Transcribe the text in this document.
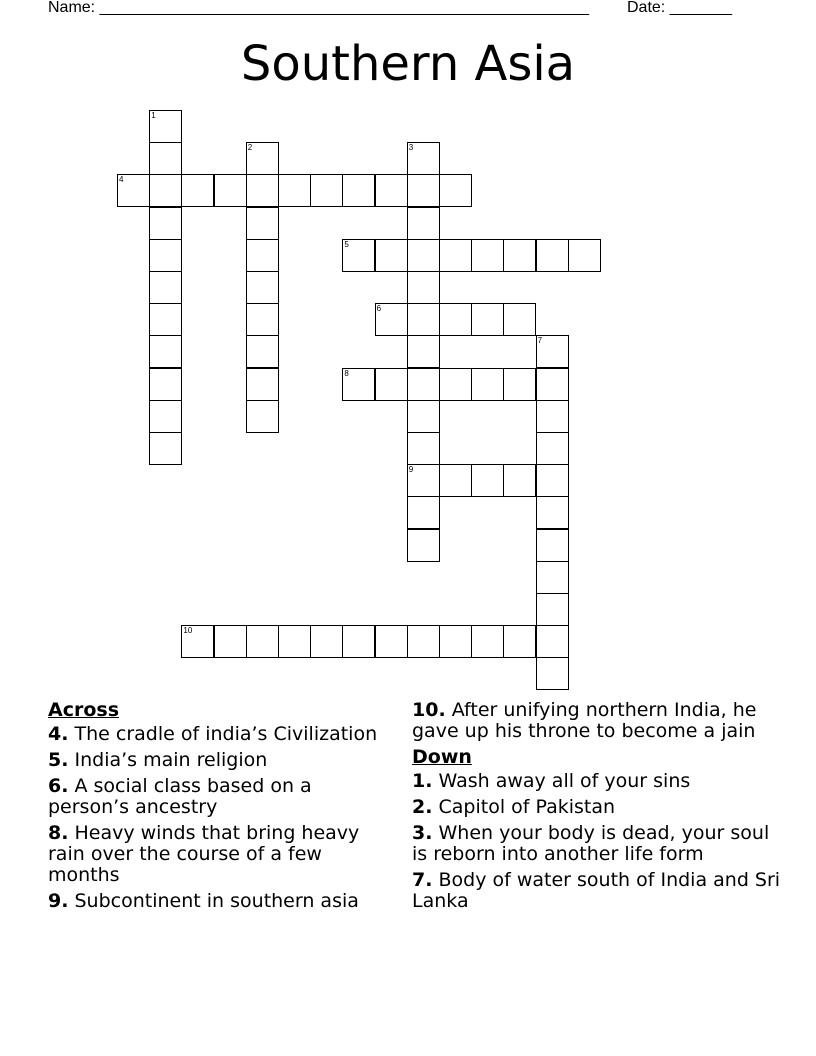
Name: _______________________________________________________ Date: _______
Southern Asia
1
2	3
9
4
5
6
7
8
10
Across
4. The cradle of india’s Civilization
5. India’s main religion
6. A social class based on a person’s ancestry
8. Heavy winds that bring heavy rain over the course of a few months
9. Subcontinent in southern asia
10. After unifying northern India, he gave up his throne to become a jain
Down
1. Wash away all of your sins
2. Capitol of Pakistan
3. When your body is dead, your soul is reborn into another life form
7. Body of water south of India and Sri Lanka
